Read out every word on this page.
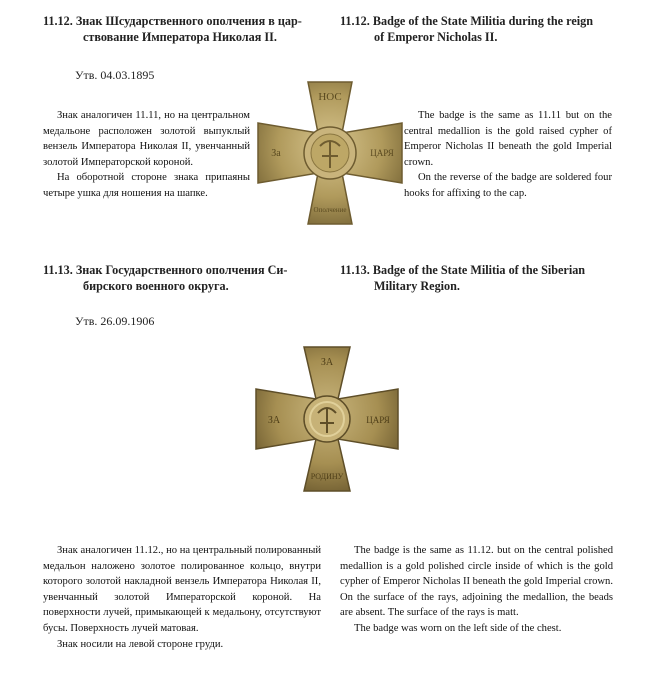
11.12. Знак Шсударственного ополчения в цар-
ствование Императора Николая II.
11.12. Badge of the State Militia during the reign
of Emperor Nicholas II.
Утв. 04.03.1895

Знак аналогичен 11.11, но на центральном медальоне расположен золотой выпуклый вензель Императора Николая II, увенчанный золотой Императорской короной.

На оборотной стороне знака припаяны четыре ушка для ношения на шапке.

The badge is the same as 11.11 but on the central medallion is the gold raised cypher of Emperor Nicholas II beneath the gold Imperial crown.

On the reverse of the badge are soldered four hooks for affixing to the cap.

НОС
За	ЦАРЯ
Ополчение
11.13. Знак Государственного ополчения Си-
бирского военного округа.
11.13. Badge of the State Militia of the Siberian
Military Region.
Утв. 26.09.1906
ЗА
ЗА	ЦАРЯ
РОДИНУ

Знак аналогичен 11.12., но на центральный полированный медальон наложено золотое полированное кольцо, внутри которого золотой накладной вензель Императора Николая II, увенчанный золотой Императорской короной. На поверхности лучей, примыкающей к медальону, отсутствуют бусы. Поверхность лучей матовая.

Знак носили на левой стороне груди.

The badge is the same as 11.12. but on the central polished medallion is a gold polished circle inside of which is the gold cypher of Emperor Nicholas II beneath the gold Imperial crown. On the surface of the rays, adjoining the medallion, the beads are absent. The surface of the rays is matt.

The badge was worn on the left side of the chest.
